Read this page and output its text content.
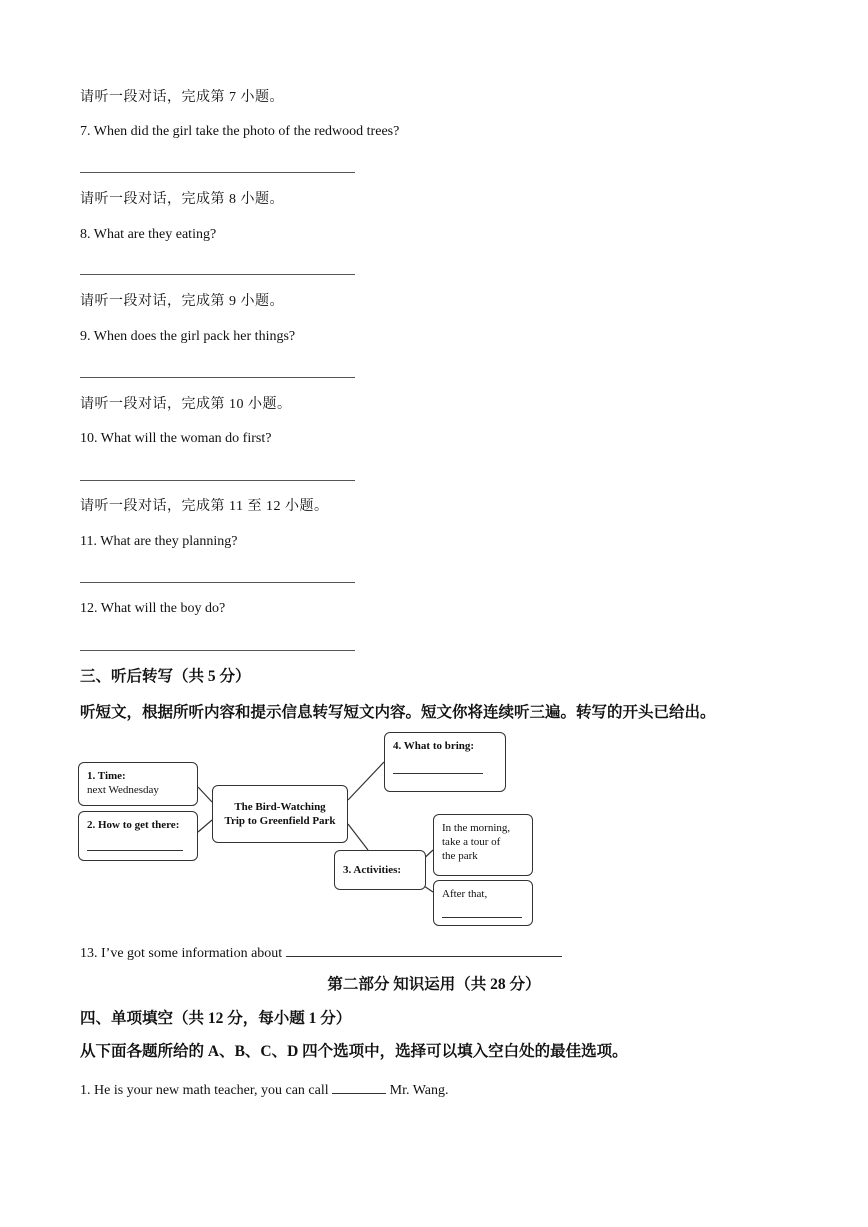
请听一段对话，完成第 7 小题。
7. When did the girl take the photo of the redwood trees?
请听一段对话，完成第 8 小题。
8. What are they eating?
请听一段对话，完成第 9 小题。
9. When does the girl pack her things?
请听一段对话，完成第 10 小题。
10. What will the woman do first?
请听一段对话，完成第 11 至 12 小题。
11. What are they planning?
12. What will the boy do?
三、听后转写（共 5 分）
听短文，根据所听内容和提示信息转写短文内容。短文你将连续听三遍。转写的开头已给出。
1. Time:
next Wednesday
2. How to get there:
The Bird-Watching
Trip to Greenfield Park
4. What to bring:
3. Activities:
In the morning,
take a tour of
the park
After that,
13. I’ve got some information about
第二部分 知识运用（共 28 分）
四、单项填空（共 12 分，每小题 1 分）
从下面各题所给的 A、B、C、D 四个选项中，选择可以填入空白处的最佳选项。
1. He is your new math teacher, you can call	Mr. Wang.
